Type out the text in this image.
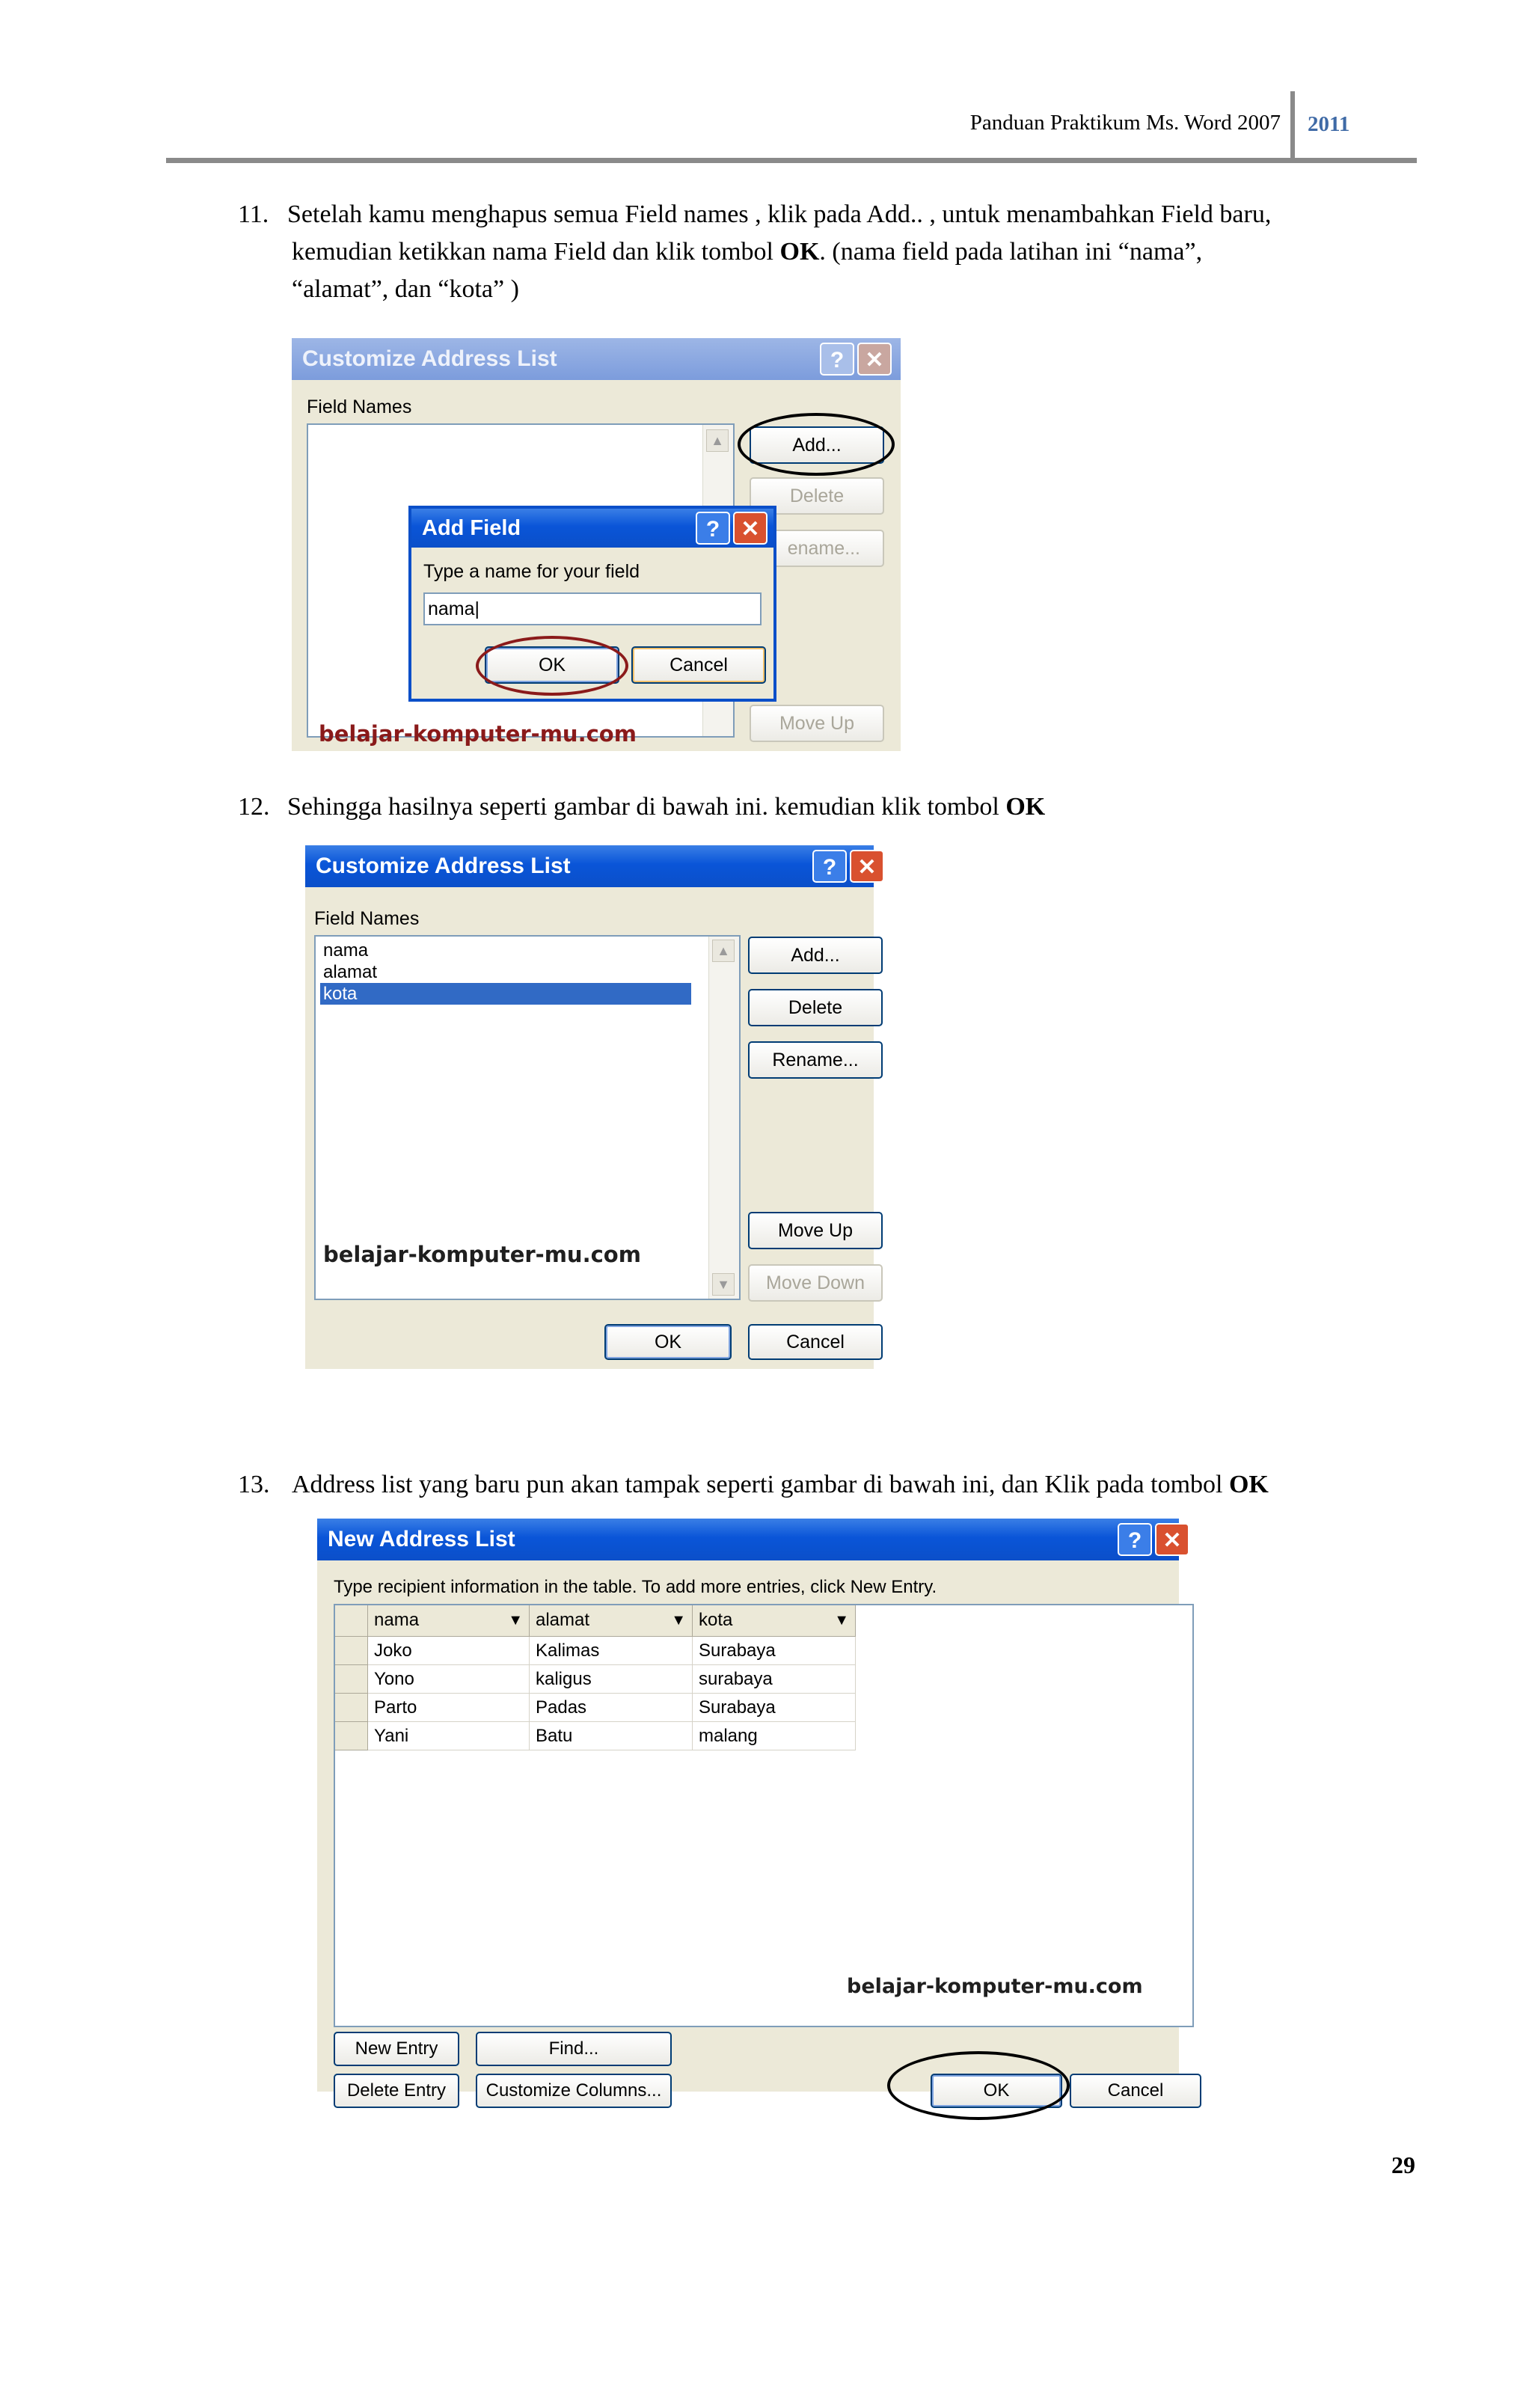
Panduan Praktikum Ms. Word 2007 2011
11. Setelah kamu menghapus semua Field names , klik pada Add.. , untuk menambahkan Field baru,
kemudian ketikkan nama Field dan klik tombol OK. (nama field pada latihan ini “nama”,
“alamat”, dan “kota” )
Customize Address List	? ✕
Field Names
▲	Add...
Delete
ename...
Move Up
belajar-komputer-mu.com
Add Field	? ✕
Type a name for your field
nama|
OK	Cancel
12. Sehingga hasilnya seperti gambar di bawah ini. kemudian klik tombol OK
Customize Address List	? ✕
Field Names
nama
alamat
kota
▲
▼
belajar-komputer-mu.com
Add...
Delete
Rename...
Move Up
Move Down
OK	Cancel
13. Address list yang baru pun akan tampak seperti gambar di bawah ini, dan Klik pada tombol OK
New Address List	? ✕
Type recipient information in the table. To add more entries, click New Entry.
nama	▼ alamat	▼ kota	▼
Joko	Kalimas	Surabaya
Yono	kaligus	surabaya
Parto	Padas	Surabaya
Yani	Batu	malang
belajar-komputer-mu.com
New Entry	Find...
Delete Entry	Customize Columns...	OK	Cancel
29
